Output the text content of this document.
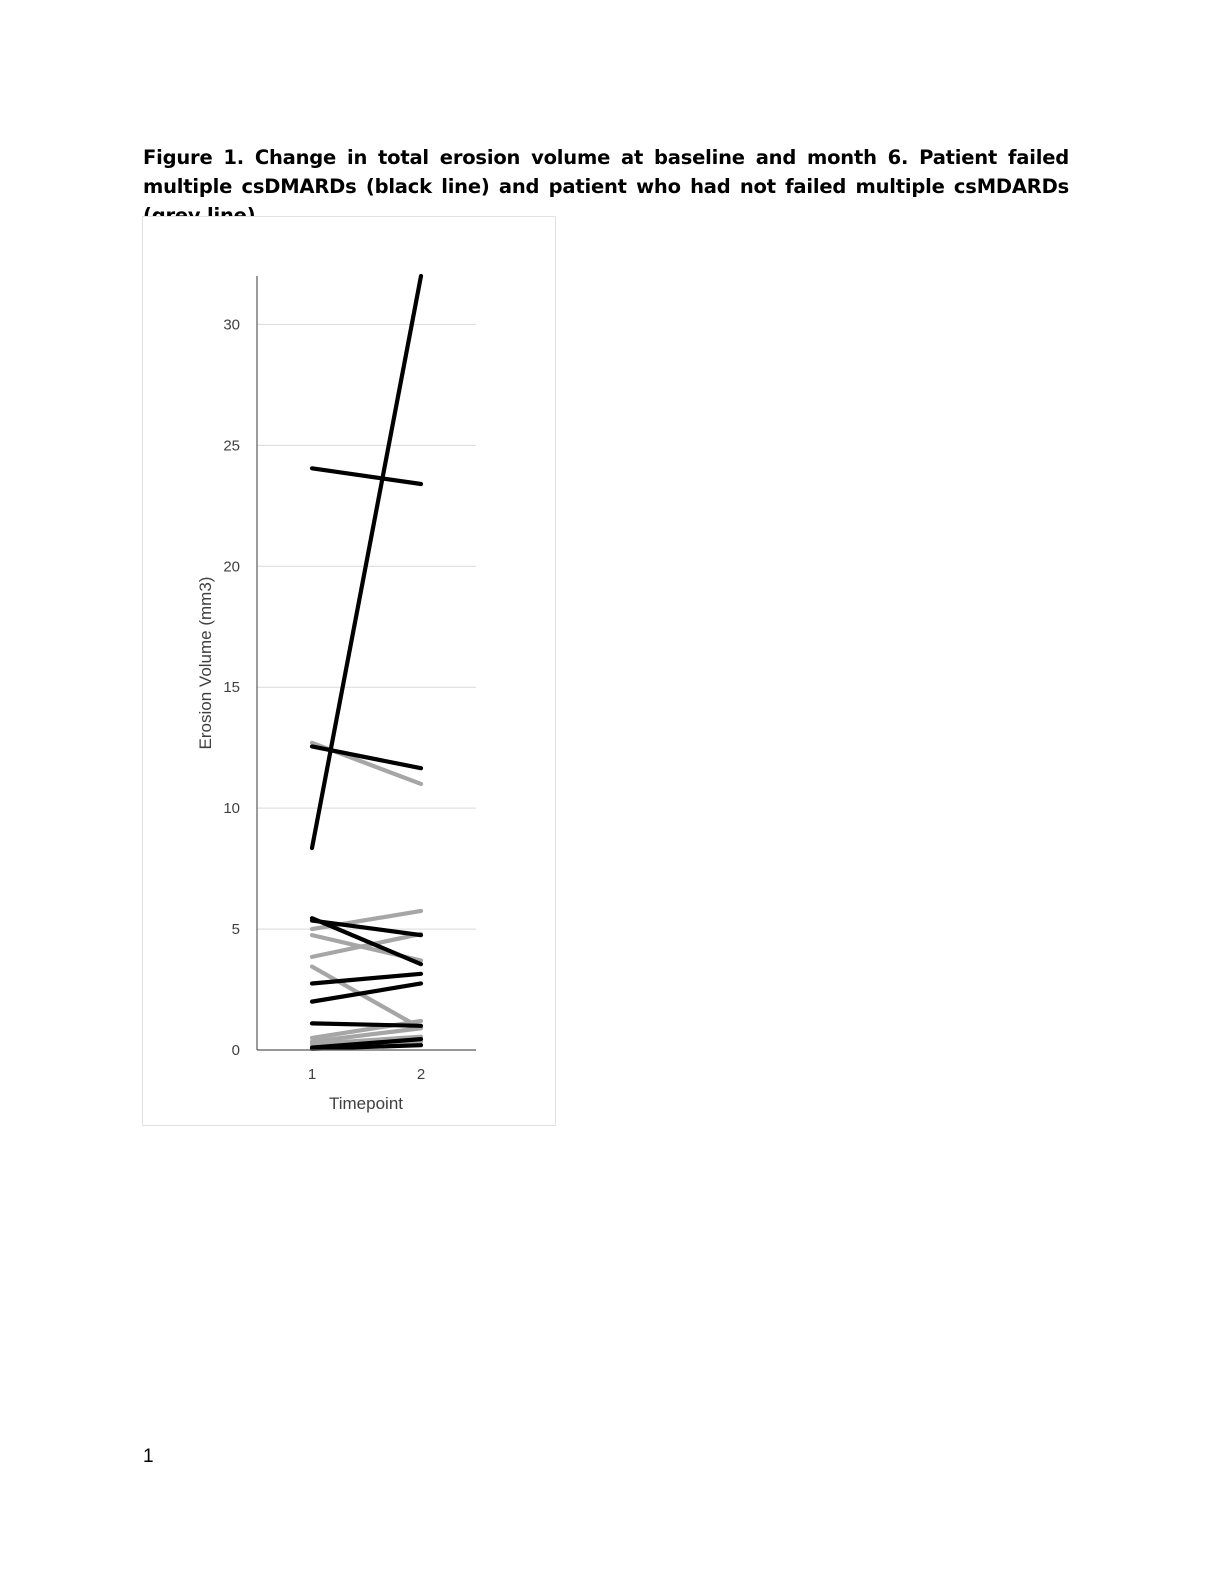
Figure 1. Change in total erosion volume at baseline and month 6. Patient failed multiple csDMARDs (black line) and patient who had not failed multiple csMDARDs
0
5
10
15
20
25
30
1	2
Erosion Volume (mm3)
Timepoint
1
